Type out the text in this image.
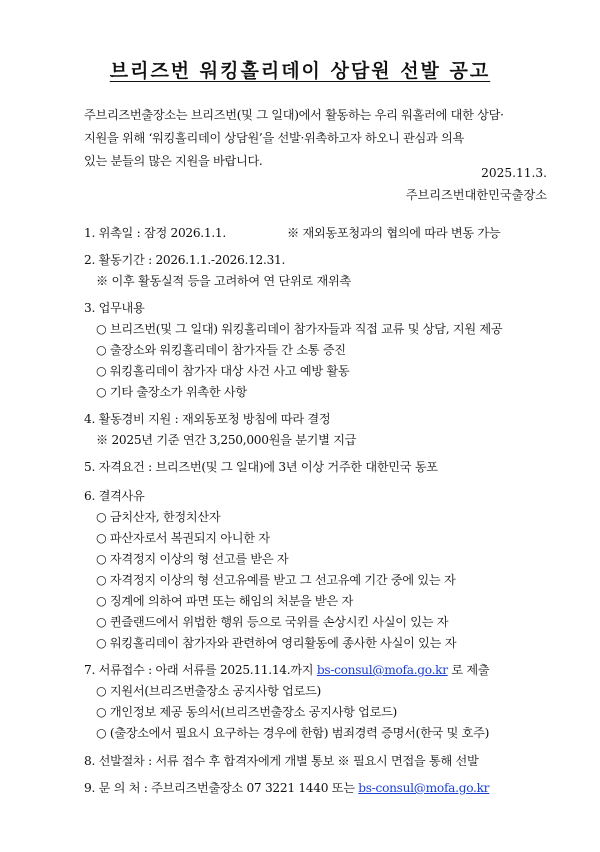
브리즈번 워킹홀리데이 상담원 선발 공고

주브리즈번출장소는 브리즈번(및 그 일대)에서 활동하는 우리 워홀러에 대한 상담·

지원을 위해 ‘워킹홀리데이 상담원’을 선발·위촉하고자 하오니 관심과 의욕

있는 분들의 많은 지원을 바랍니다.

2025.11.3.
주브리즈번대한민국출장소
1. 위촉일 : 잠정 2026.1.1.	※ 재외동포청과의 협의에 따라 변동 가능
2. 활동기간 : 2026.1.1.-2026.12.31.
※ 이후 활동실적 등을 고려하여 연 단위로 재위촉
3. 업무내용
○ 브리즈번(및 그 일대) 워킹홀리데이 참가자들과 직접 교류 및 상담, 지원 제공
○ 출장소와 워킹홀리데이 참가자들 간 소통 증진
○ 워킹홀리데이 참가자 대상 사건 사고 예방 활동
○ 기타 출장소가 위촉한 사항
4. 활동경비 지원 : 재외동포청 방침에 따라 결정
※ 2025년 기준 연간 3,250,000원을 분기별 지급
5. 자격요건 : 브리즈번(및 그 일대)에 3년 이상 거주한 대한민국 동포
6. 결격사유
○ 금치산자, 한정치산자
○ 파산자로서 복권되지 아니한 자
○ 자격정지 이상의 형 선고를 받은 자
○ 자격정지 이상의 형 선고유예를 받고 그 선고유예 기간 중에 있는 자
○ 징계에 의하여 파면 또는 해임의 처분을 받은 자
○ 퀸즐랜드에서 위법한 행위 등으로 국위를 손상시킨 사실이 있는 자
○ 워킹홀리데이 참가자와 관련하여 영리활동에 종사한 사실이 있는 자
7. 서류접수 : 아래 서류를 2025.11.14.까지 bs-consul@mofa.go.kr 로 제출
○ 지원서(브리즈번출장소 공지사항 업로드)
○ 개인정보 제공 동의서(브리즈번출장소 공지사항 업로드)
○ (출장소에서 필요시 요구하는 경우에 한함) 범죄경력 증명서(한국 및 호주)
8. 선발절차 : 서류 접수 후 합격자에게 개별 통보 ※ 필요시 면접을 통해 선발
9. 문 의 처 : 주브리즈번출장소 07 3221 1440 또는 bs-consul@mofa.go.kr
